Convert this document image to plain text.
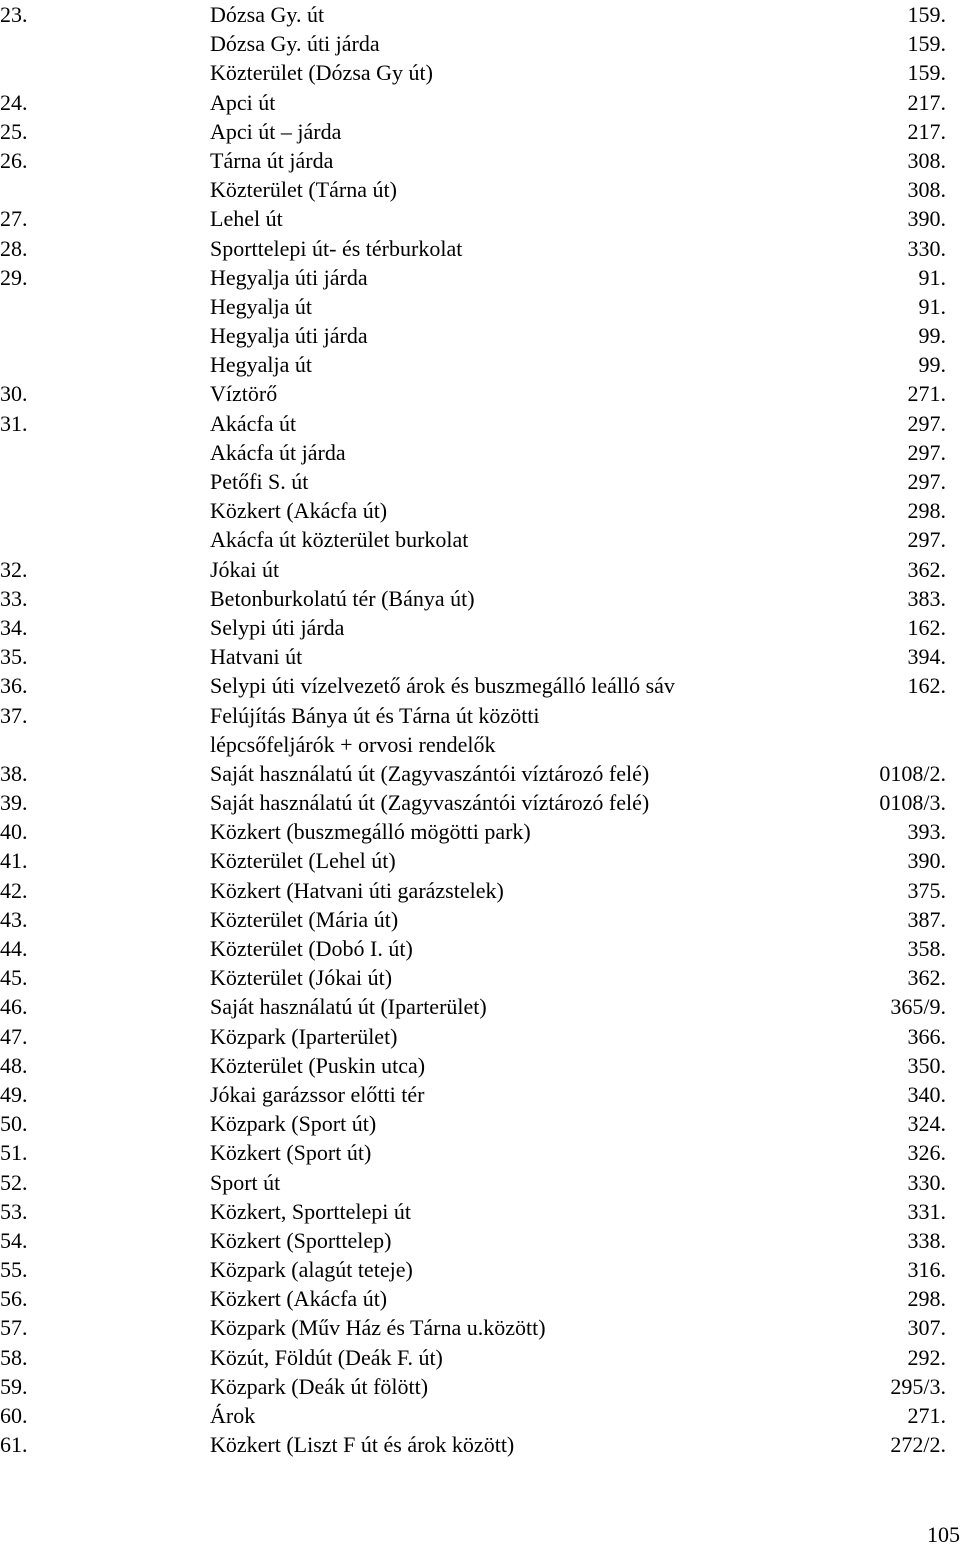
23.	Dózsa Gy. út	159.
Dózsa Gy. úti járda	159.
Közterület (Dózsa Gy út)	159.
24.	Apci út	217.
25.	Apci út – járda	217.
26.	Tárna út járda	308.
Közterület (Tárna út)	308.
27.	Lehel út	390.
28.	Sporttelepi út- és térburkolat	330.
29.	Hegyalja úti járda	91.
Hegyalja út	91.
Hegyalja úti járda	99.
Hegyalja út	99.
30.	Víztörő	271.
31.	Akácfa út	297.
Akácfa út járda	297.
Petőfi S. út	297.
Közkert (Akácfa út)	298.
Akácfa út közterület burkolat	297.
32.	Jókai út	362.
33.	Betonburkolatú tér (Bánya út)	383.
34.	Selypi úti járda	162.
35.	Hatvani út	394.
36.	Selypi úti vízelvezető árok és buszmegálló leálló sáv	162.
37.	Felújítás Bánya út és Tárna út közötti
lépcsőfeljárók + orvosi rendelők
38.	Saját használatú út (Zagyvaszántói víztározó felé)	0108/2.
39.	Saját használatú út (Zagyvaszántói víztározó felé)	0108/3.
40.	Közkert (buszmegálló mögötti park)	393.
41.	Közterület (Lehel út)	390.
42.	Közkert (Hatvani úti garázstelek)	375.
43.	Közterület (Mária út)	387.
44.	Közterület (Dobó I. út)	358.
45.	Közterület (Jókai út)	362.
46.	Saját használatú út (Iparterület)	365/9.
47.	Közpark (Iparterület)	366.
48.	Közterület (Puskin utca)	350.
49.	Jókai garázssor előtti tér	340.
50.	Közpark (Sport út)	324.
51.	Közkert (Sport út)	326.
52.	Sport út	330.
53.	Közkert, Sporttelepi út	331.
54.	Közkert (Sporttelep)	338.
55.	Közpark (alagút teteje)	316.
56.	Közkert (Akácfa út)	298.
57.	Közpark (Műv Ház és Tárna u.között)	307.
58.	Közút, Földút (Deák F. út)	292.
59.	Közpark (Deák út fölött)	295/3.
60.	Árok	271.
61.	Közkert (Liszt F út és árok között)	272/2.
105
